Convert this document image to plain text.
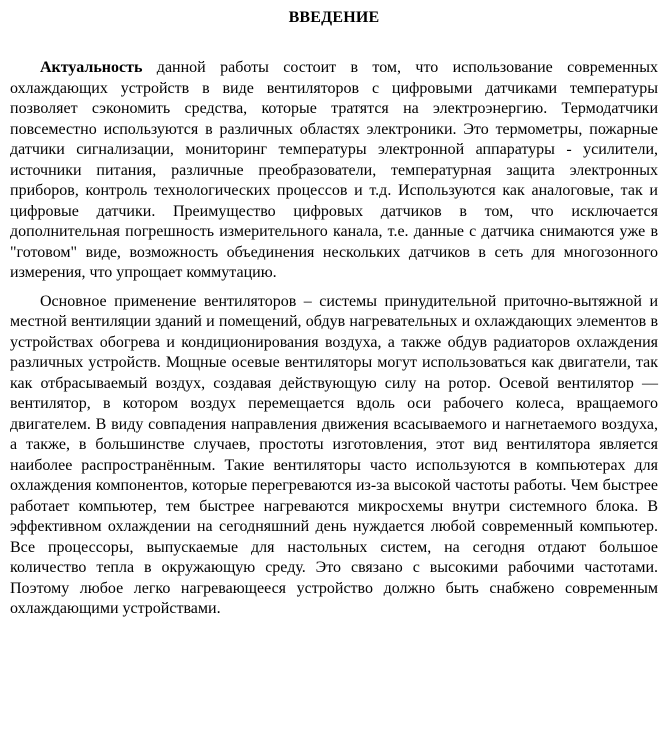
ВВЕДЕНИЕ

Актуальность данной работы состоит в том, что использование современных охлаждающих устройств в виде вентиляторов с цифровыми датчиками температуры позволяет сэкономить средства, которые тратятся на электроэнергию. Термодатчики повсеместно используются в различных областях электроники. Это термометры, пожарные датчики сигнализации, мониторинг температуры электронной аппаратуры - усилители, источники питания, различные преобразователи, температурная защита электронных приборов, контроль технологических процессов и т.д. Используются как аналоговые, так и цифровые датчики. Преимущество цифровых датчиков в том, что исключается дополнительная погрешность измерительного канала, т.е. данные с датчика снимаются уже в "готовом" виде, возможность объединения нескольких датчиков в сеть для многозонного измерения, что упрощает коммутацию.

Основное применение вентиляторов – системы принудительной приточно-вытяжной и местной вентиляции зданий и помещений, обдув нагревательных и охлаждающих элементов в устройствах обогрева и кондиционирования воздуха, а также обдув радиаторов охлаждения различных устройств. Мощные осевые вентиляторы могут использоваться как двигатели, так как отбрасываемый воздух, создавая действующую силу на ротор. Осевой вентилятор — вентилятор, в котором воздух перемещается вдоль оси рабочего колеса, вращаемого двигателем. В виду совпадения направления движения всасываемого и нагнетаемого воздуха, а также, в большинстве случаев, простоты изготовления, этот вид вентилятора является наиболее распространённым. Такие вентиляторы часто используются в компьютерах для охлаждения компонентов, которые перегреваются из-за высокой частоты работы. Чем быстрее работает компьютер, тем быстрее нагреваются микросхемы внутри системного блока. В эффективном охлаждении на сегодняшний день нуждается любой современный компьютер. Все процессоры, выпускаемые для настольных систем, на сегодня отдают большое количество тепла в окружающую среду. Это связано с высокими рабочими частотами. Поэтому любое легко нагревающееся устройство должно быть снабжено современным охлаждающими устройствами.
